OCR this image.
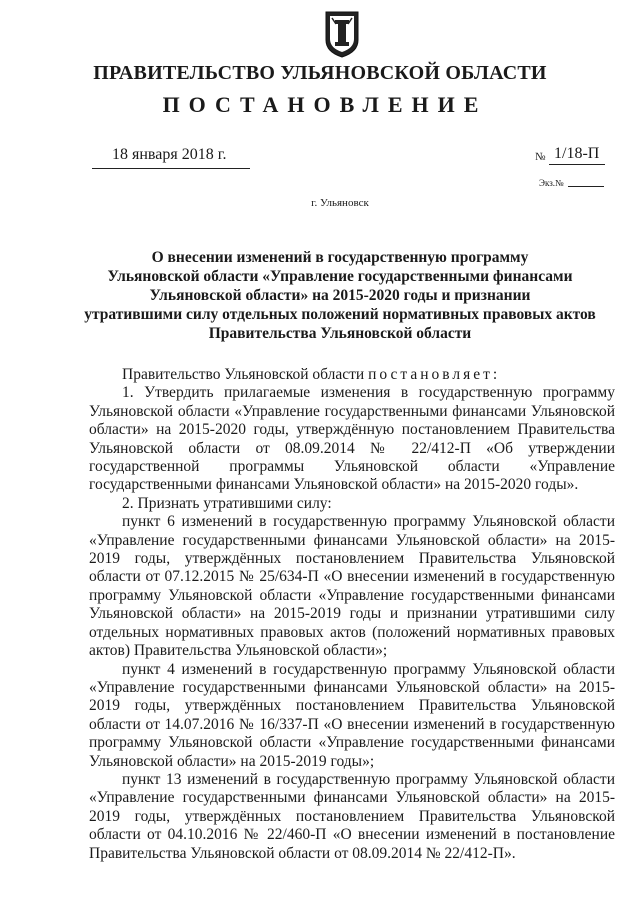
ПРАВИТЕЛЬСТВО УЛЬЯНОВСКОЙ ОБЛАСТИ
ПОСТАНОВЛЕНИЕ
18 января 2018 г.	№ 1/18-П
Экз.№
г. Ульяновск
О внесении изменений в государственную программу
Ульяновской области «Управление государственными финансами
Ульяновской области» на 2015-2020 годы и признании
утратившими силу отдельных положений нормативных правовых актов
Правительства Ульяновской области

Правительство Ульяновской области постановляет:

1. Утвердить прилагаемые изменения в государственную программу Ульяновской области «Управление государственными финансами Ульяновской области» на 2015-2020 годы, утверждённую постановлением Правительства Ульяновской области от 08.09.2014 № 22/412-П «Об утверждении государственной программы Ульяновской области «Управление государственными финансами Ульяновской области» на 2015-2020 годы».

2. Признать утратившими силу:

пункт 6 изменений в государственную программу Ульяновской области «Управление государственными финансами Ульяновской области» на 2015-2019 годы, утверждённых постановлением Правительства Ульяновской области от 07.12.2015 № 25/634-П «О внесении изменений в государственную программу Ульяновской области «Управление государственными финансами Ульяновской области» на 2015-2019 годы и признании утратившими силу отдельных нормативных правовых актов (положений нормативных правовых актов) Правительства Ульяновской области»;

пункт 4 изменений в государственную программу Ульяновской области «Управление государственными финансами Ульяновской области» на 2015-2019 годы, утверждённых постановлением Правительства Ульяновской области от 14.07.2016 № 16/337-П «О внесении изменений в государственную программу Ульяновской области «Управление государственными финансами Ульяновской области» на 2015-2019 годы»;

пункт 13 изменений в государственную программу Ульяновской области «Управление государственными финансами Ульяновской области» на 2015-2019 годы, утверждённых постановлением Правительства Ульяновской области от 04.10.2016 № 22/460-П «О внесении изменений в постановление Правительства Ульяновской области от 08.09.2014 № 22/412-П».
